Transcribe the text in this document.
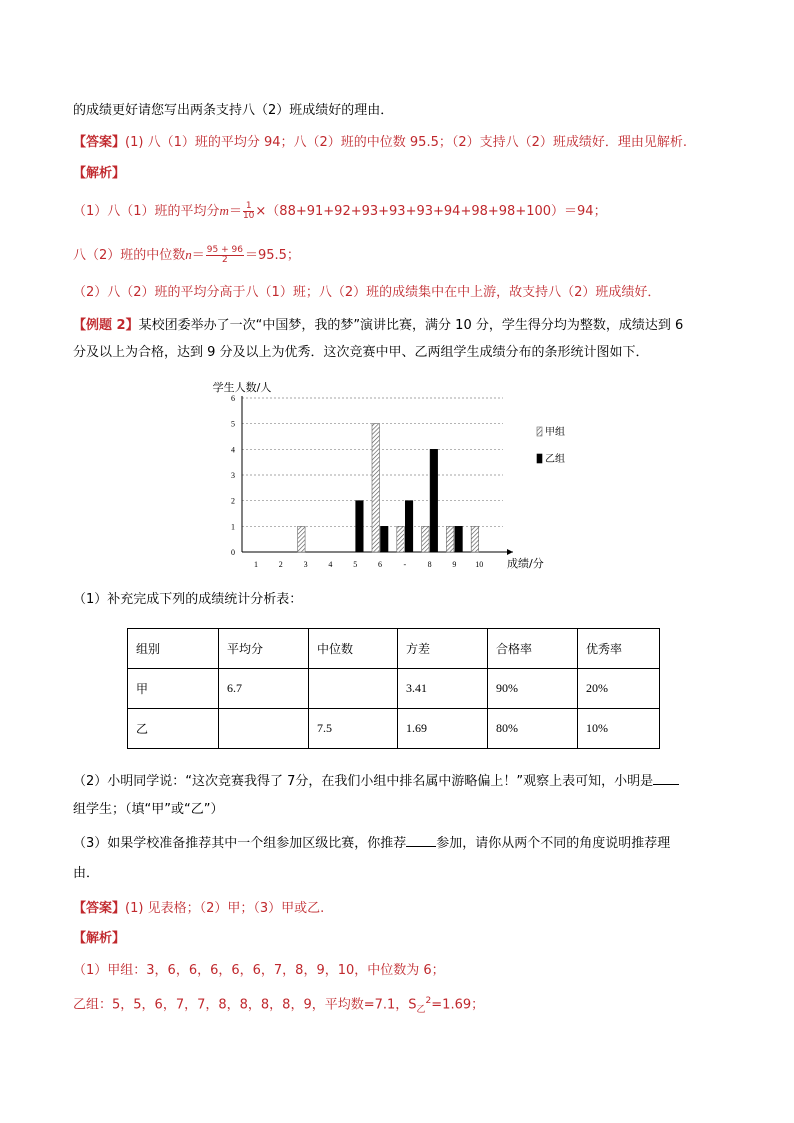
的成绩更好请您写出两条支持八（2）班成绩好的理由．
【答案】(1) 八（1）班的平均分 94；八（2）班的中位数 95.5；（2）支持八（2）班成绩好．理由见解析.
【解析】
（1）八（1）班的平均分$m= \frac{1}{10} \times(88+91+92+93+93+93+94+98+98+100)=94$；
八（2）班的中位数$n= \frac{95 + 96}{2} =95.5$；
（2）八（2）班的平均分高于八（1）班；八（2）班的成绩集中在中上游，故支持八（2）班成绩好．
【例题 2】某校团委举办了一次“中国梦，我的梦”演讲比赛，满分 10 分，学生得分均为整数，成绩达到 6
分及以上为合格，达到 9 分及以上为优秀．这次竞赛中甲、乙两组学生成绩分布的条形统计图如下．
0
1
2
3
4
5
6
1	2	3	4	5	6	-	8	9 10
学生人数/人
成绩/分
甲组
乙组
（1）补充完成下列的成绩统计分析表：
组别	平均分	中位数	方差	合格率	优秀率
甲	6.7		3.41	90%	20%
乙		7.5	1.69	80%	10%
（2）小明同学说：“这次竞赛我得了 7分，在我们小组中排名属中游略偏上！”观察上表可知，小明是
组学生；（填“甲”或“乙”）
（3）如果学校准备推荐其中一个组参加区级比赛，你推荐 参加，请你从两个不同的角度说明推荐理
由．
【答案】(1) 见表格；（2）甲；（3）甲或乙.
【解析】
（1）甲组：3，6，6，6，6，6，7，8，9，10，中位数为 6；
乙组：5，5，6，7，7，8，8，8，8，9，平均数=7.1，$S_乙^2=1.69$；
